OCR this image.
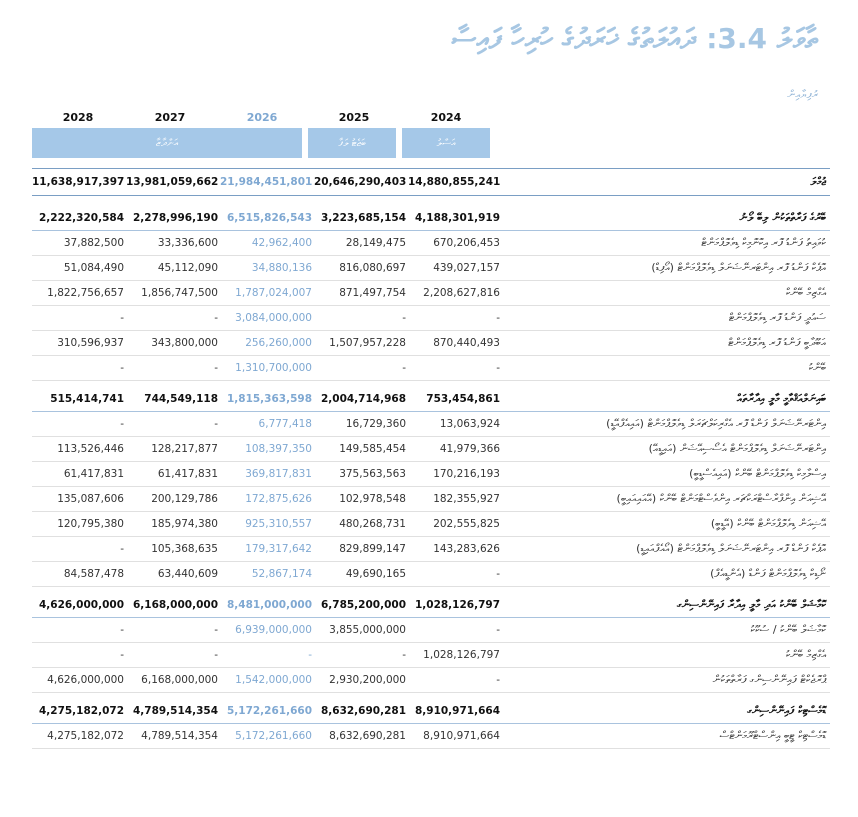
ތާވަލު 3.4: ދައުލަތުގެ ޚަރަދުގެ ހުރިހާ ފައިސާ
ރުފިޔާއިން
2028	2027	2026	2025	2024
އަންދާޒާ	ބަޖެޓު ލަފާ	އަސްލު
11,638,917,397 13,981,059,662 21,984,451,801 20,646,290,403 14,880,855,241	ޖުމްލަ
2,222,320,584 2,278,996,190 6,515,826,543 3,223,685,154 4,188,301,919	ބޭރުގެ ފަރާތްތަކުން ލިބޭ ލޯނު
37,882,500	33,336,600	42,962,400	28,149,475	670,206,453	ކުވައިތު ފަންޑު ފޮރ އިކޮނޮމިކް ޑިވެލޮޕްމަންޓް
51,084,490	45,112,090	34,880,136	816,080,697	439,027,157	އޮޕެކް ފަންޑު ފޮރ އިންޓަރނޭޝަނަލް ޑިވެލޮޕްމަންޓް (އޯފިޑް)
1,822,756,657	1,856,747,500	1,787,024,007	871,497,754	2,208,627,816	އެގްޒިމް ބޭންކް
-	-	3,084,000,000	-	-	ސައުދީ ފަންޑު ފޮރ ޑިވެލޮޕްމަންޓް
310,596,937	343,800,000	256,260,000	1,507,957,228	870,440,493	އަބޫދާބީ ފަންޑު ފޮރ ޑިވެލޮޕްމަންޓް
-	-	1,310,700,000	-	-	ބޭންކު
515,414,741	744,549,118 1,815,363,598 2,004,714,968	753,454,861	ބައިނަލްއަޤްވާމީ މާލީ އިދާރާތައް
-	-	6,777,418	16,729,360	13,063,924	އިންޓަރނޭޝަނަލް ފަންޑް ފޮރ އެގްރިކަލްޗަރަލް ޑިވެލޮޕްމަންޓް (އައިއެފްއޭޑީ)
113,526,446	128,217,877	108,397,350	149,585,454	41,979,366	އިންޓަރނޭޝަނަލް ޑިވެލޮޕްމަންޓް އެސޯސިއޭޝަން (އައިޑީއޭ)
61,417,831	61,417,831	369,817,831	375,563,563	170,216,193	އިސްލާމިކް ޑިވެލޮޕްމަންޓް ބޭންކް (އައިއެސްޑީބީ)
135,087,606	200,129,786	172,875,626	102,978,548	182,355,927	އޭޝިއަން އިންފްރާސްޓްރަކްޗަރ އިންވެސްޓްމަންޓް ބޭންކް (އޭއައިއައިބީ)
120,795,380	185,974,380	925,310,557	480,268,731	202,555,825	އޭޝިއަން ޑިވެލޮޕްމަންޓް ބޭންކް (އޭޑީބީ)
-	105,368,635	179,317,642	829,899,147	143,283,626	އޮޕެކް ފަންޑް ފޮރ އިންޓަރނޭޝަނަލް ޑިވެލޮޕްމަންޓް (އޯއެފްއައިޑީ)
84,587,478	63,440,609	52,867,174	49,690,165	-	ނޯޑިކް ޑިވެލޮޕްމަންޓް ފަންޑް (އެންޑީއެފް)
4,626,000,000 6,168,000,000 8,481,000,000 6,785,200,000 1,028,126,797	ކޮމާޝަލް ބޭންކު އަދި މާލީ އިދާރާ ފައިނޭންސިންގ
-	-	6,939,000,000	3,855,000,000	-	ކޮމާޝަލް ބޭންކު / ސުކޫކު
-	-	-	-	1,028,126,797	އެގްޒިމް ބޭންކު
4,626,000,000	6,168,000,000	1,542,000,000	2,930,200,000	-	ޕްރޮޖެކްޓް ފައިނޭންސިންގ ފަރާތްތަކުން
4,275,182,072 4,789,514,354 5,172,261,660 8,632,690,281 8,910,971,664	ޑޮމެސްޓިކް ފައިނޭންސިންގ
4,275,182,072	4,789,514,354	5,172,261,660	8,632,690,281	8,910,971,664	ޑޮމެސްޓިކް ޓީބީ އިންސްޓްރޫމަންޓްސް
